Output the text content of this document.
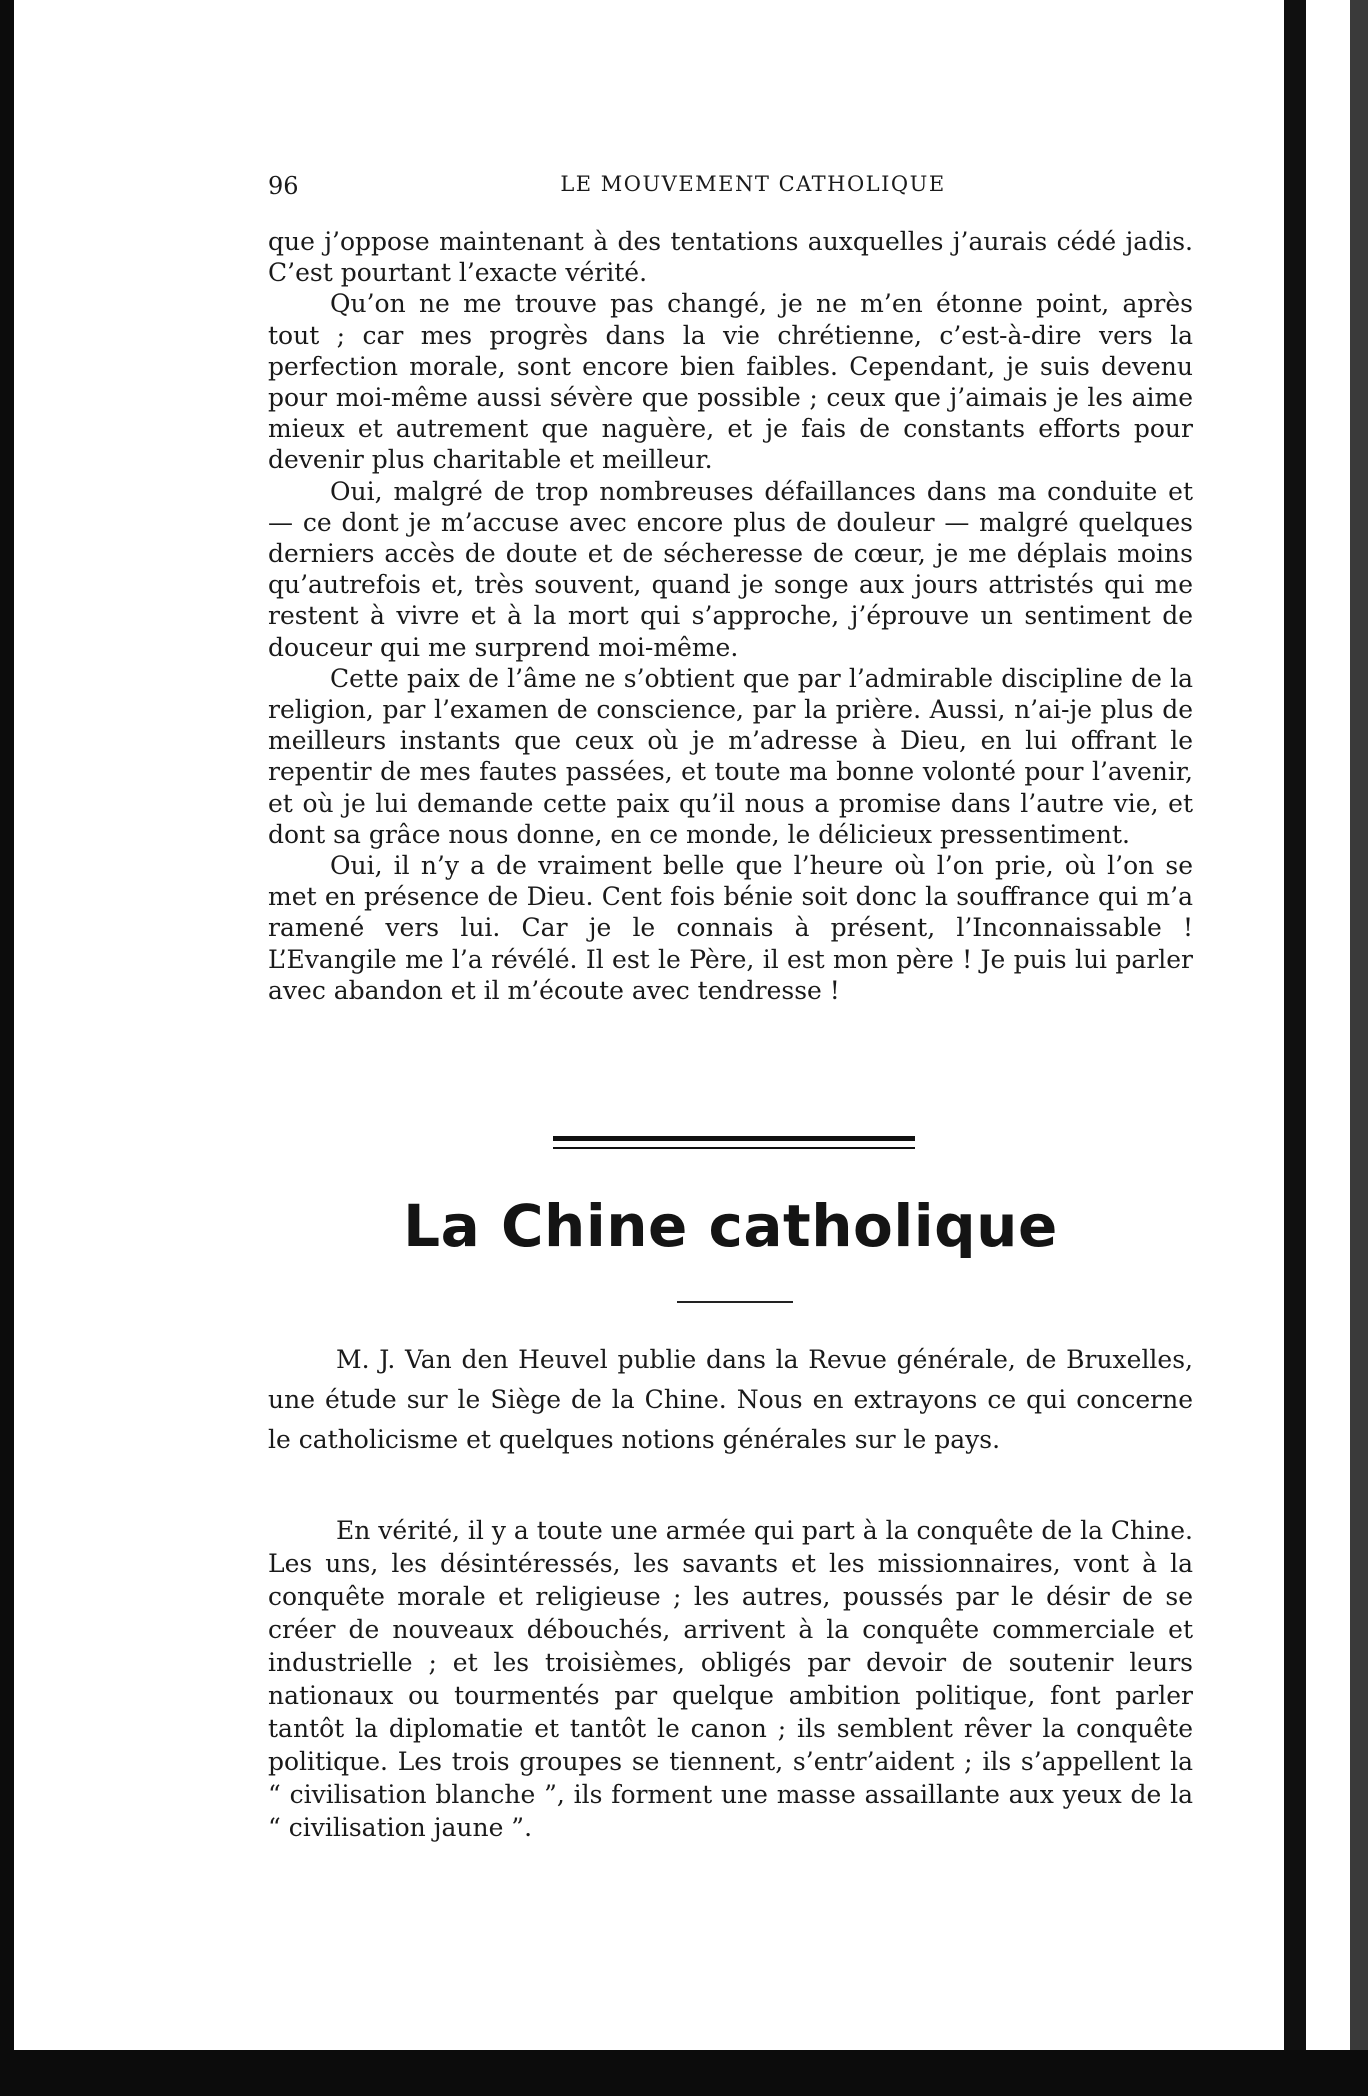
96	LE MOUVEMENT CATHOLIQUE

que j’oppose maintenant à des tentations auxquelles j’aurais cédé jadis. C’est pourtant l’exacte vérité.

Qu’on ne me trouve pas changé, je ne m’en étonne point, après tout ; car mes progrès dans la vie chrétienne, c’est-à-dire vers la perfection morale, sont encore bien faibles. Cependant, je suis devenu pour moi-même aussi sévère que possible ; ceux que j’aimais je les aime mieux et autrement que naguère, et je fais de constants efforts pour devenir plus charitable et meilleur.

Oui, malgré de trop nombreuses défaillances dans ma conduite et — ce dont je m’accuse avec encore plus de douleur — malgré quelques derniers accès de doute et de sécheresse de cœur, je me déplais moins qu’autrefois et, très souvent, quand je songe aux jours attristés qui me restent à vivre et à la mort qui s’approche, j’éprouve un sentiment de douceur qui me surprend moi-même.

Cette paix de l’âme ne s’obtient que par l’admirable discipline de la religion, par l’examen de conscience, par la prière. Aussi, n’ai-je plus de meilleurs instants que ceux où je m’adresse à Dieu, en lui offrant le repentir de mes fautes passées, et toute ma bonne volonté pour l’avenir, et où je lui demande cette paix qu’il nous a promise dans l’autre vie, et dont sa grâce nous donne, en ce monde, le délicieux pressentiment.

Oui, il n’y a de vraiment belle que l’heure où l’on prie, où l’on se met en présence de Dieu. Cent fois bénie soit donc la souffrance qui m’a ramené vers lui. Car je le connais à présent, l’Inconnaissable ! L’Evangile me l’a révélé. Il est le Père, il est mon père ! Je puis lui parler avec abandon et il m’écoute avec tendresse !

La Chine catholique

M. J. Van den Heuvel publie dans la Revue générale, de Bruxelles, une étude sur le Siège de la Chine. Nous en extrayons ce qui concerne le catholicisme et quelques notions générales sur le pays.

En vérité, il y a toute une armée qui part à la conquête de la Chine. Les uns, les désintéressés, les savants et les missionnaires, vont à la conquête morale et religieuse ; les autres, poussés par le désir de se créer de nouveaux débouchés, arrivent à la conquête commerciale et industrielle ; et les troisièmes, obligés par devoir de soutenir leurs nationaux ou tourmentés par quelque ambition politique, font parler tantôt la diplomatie et tantôt le canon ; ils semblent rêver la conquête politique. Les trois groupes se tiennent, s’entr’aident ; ils s’appellent la “ civilisation blanche ”, ils forment une masse assaillante aux yeux de la “ civilisation jaune ”.
